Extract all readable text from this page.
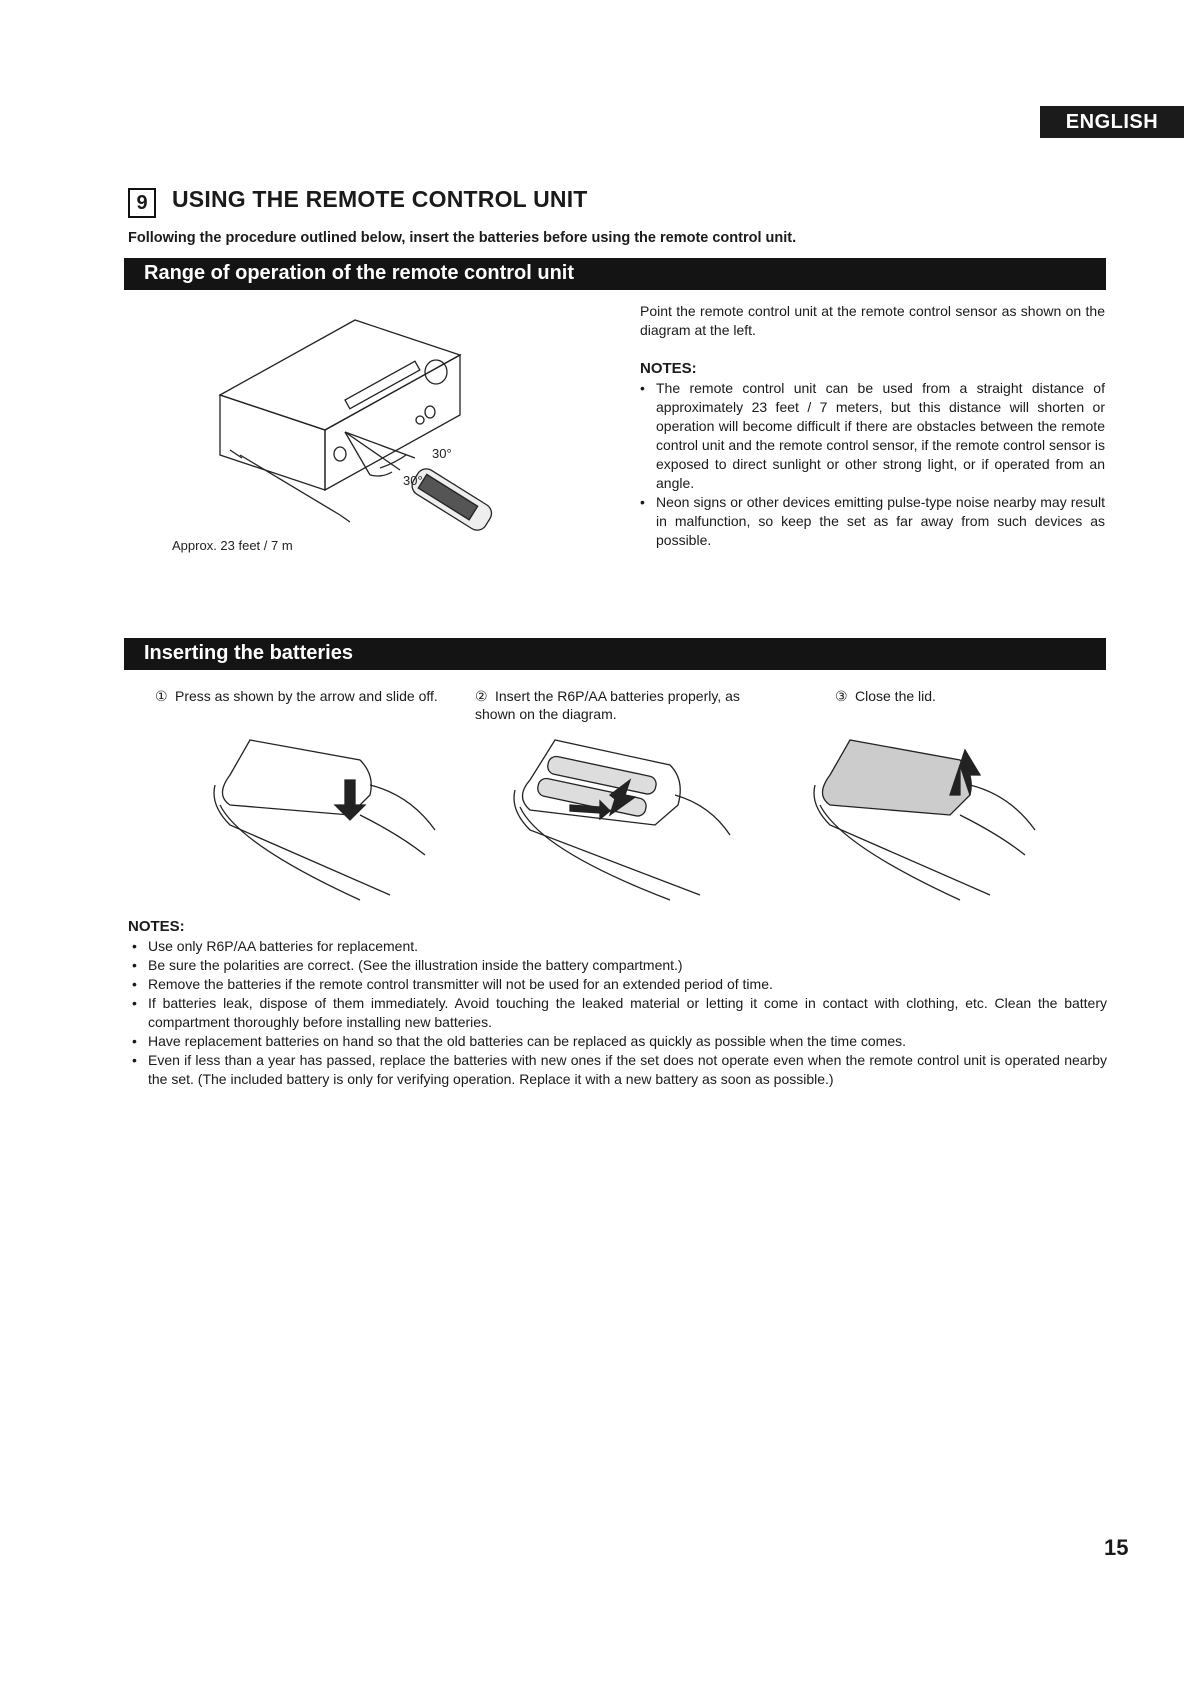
ENGLISH
9	USING THE REMOTE CONTROL UNIT
Following the procedure outlined below, insert the batteries before using the remote control unit.
Range of operation of the remote control unit
30°
30°
Approx. 23 feet / 7 m
Point the remote control unit at the remote control sensor as shown on the diagram at the left.
NOTES:
• The remote control unit can be used from a straight distance of approximately 23 feet / 7 meters, but this distance will shorten or operation will become difficult if there are obstacles between the remote control unit and the remote control sensor, if the remote control sensor is exposed to direct sunlight or other strong light, or if operated from an angle.
• Neon signs or other devices emitting pulse-type noise nearby may result in malfunction, so keep the set as far away from such devices as possible.
Inserting the batteries
① Press as shown by the arrow and slide off.	② Insert the R6P/AA batteries properly, as shown on the diagram.
③ Close the lid.
NOTES:
• Use only R6P/AA batteries for replacement.
• Be sure the polarities are correct. (See the illustration inside the battery compartment.)
• Remove the batteries if the remote control transmitter will not be used for an extended period of time.
• If batteries leak, dispose of them immediately. Avoid touching the leaked material or letting it come in contact with clothing, etc. Clean the battery compartment thoroughly before installing new batteries.
• Have replacement batteries on hand so that the old batteries can be replaced as quickly as possible when the time comes.
• Even if less than a year has passed, replace the batteries with new ones if the set does not operate even when the remote control unit is operated nearby the set. (The included battery is only for verifying operation. Replace it with a new battery as soon as possible.)
15
